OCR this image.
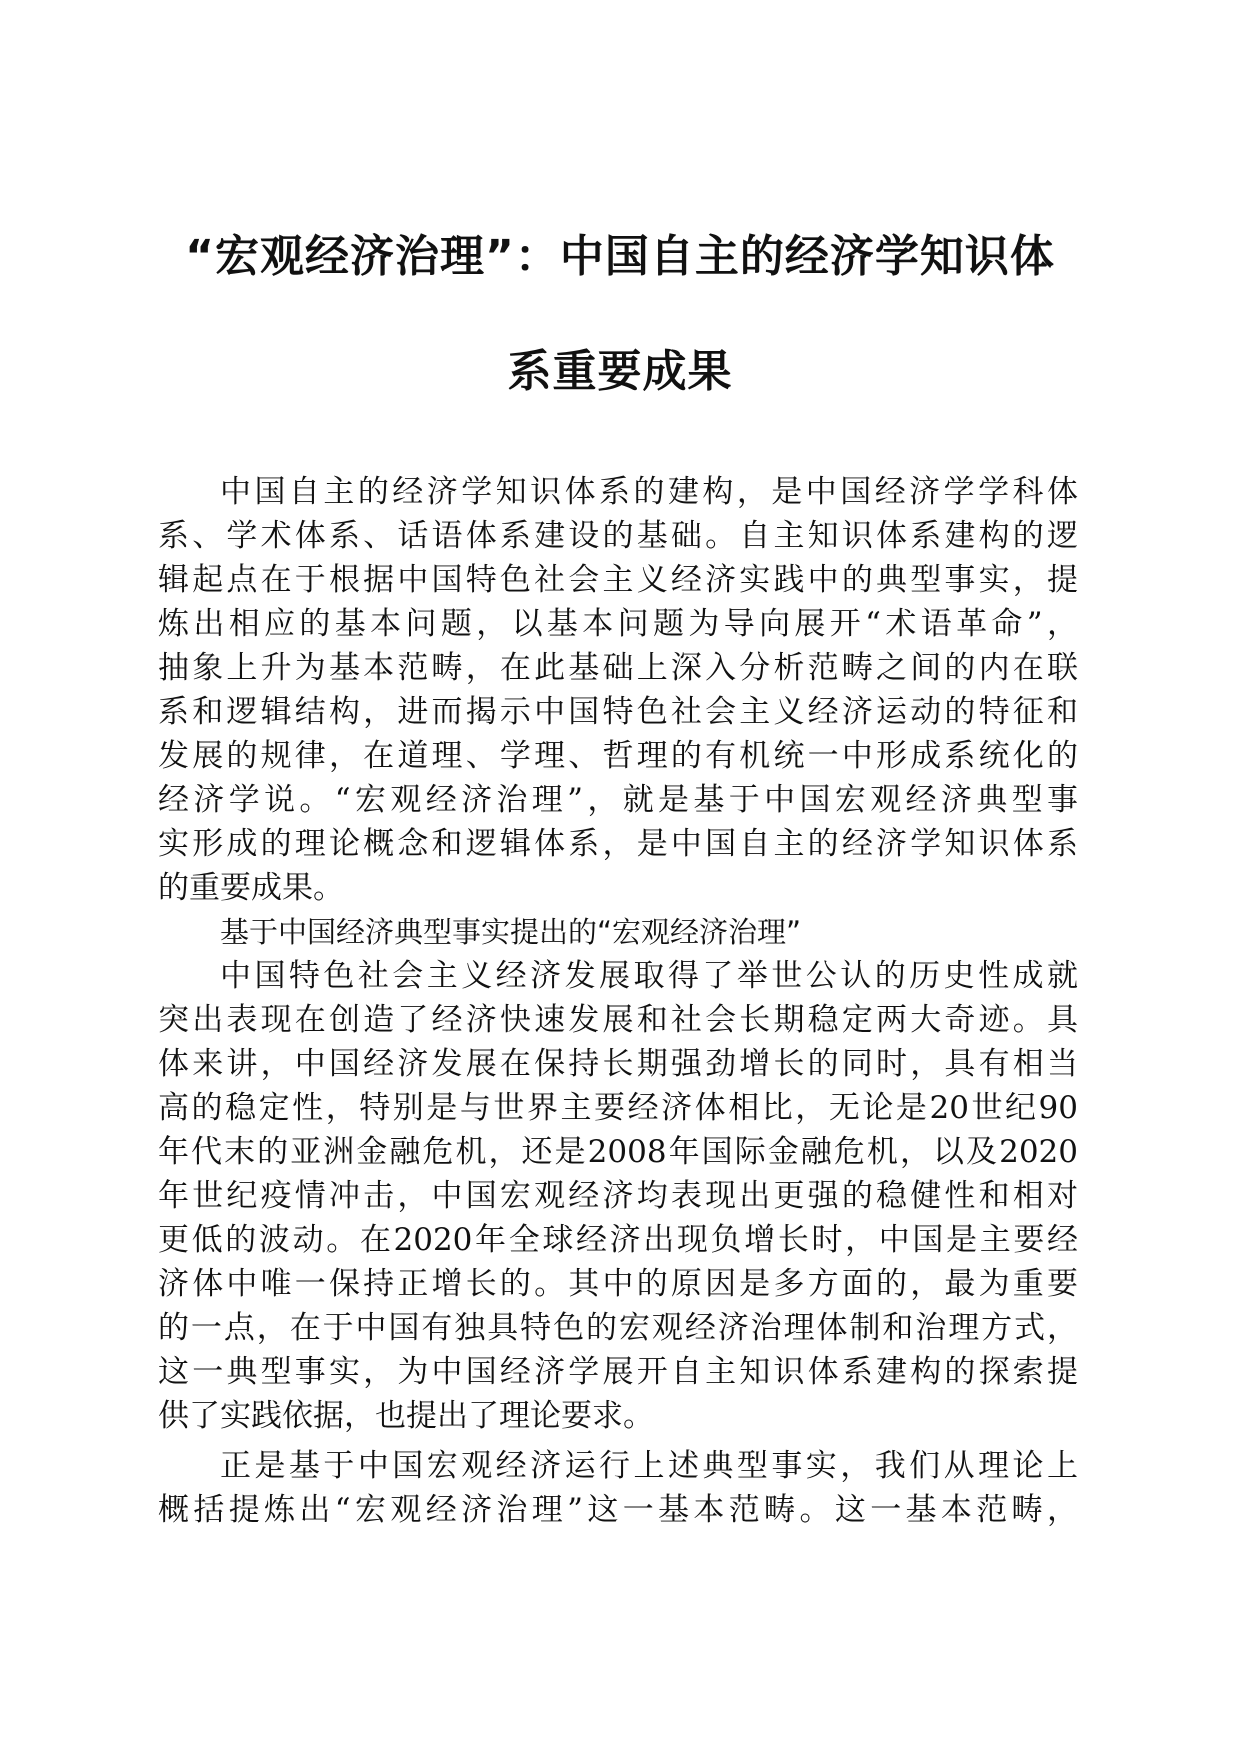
“宏观经济治理”：中国自主的经济学知识体
系重要成果
中国自主的经济学知识体系的建构，是中国经济学学科体
系、学术体系、话语体系建设的基础。自主知识体系建构的逻
辑起点在于根据中国特色社会主义经济实践中的典型事实，提
炼出相应的基本问题，以基本问题为导向展开“术语革命”，
抽象上升为基本范畴，在此基础上深入分析范畴之间的内在联
系和逻辑结构，进而揭示中国特色社会主义经济运动的特征和
发展的规律，在道理、学理、哲理的有机统一中形成系统化的
经济学说。“宏观经济治理”，就是基于中国宏观经济典型事
实形成的理论概念和逻辑体系，是中国自主的经济学知识体系
的重要成果。
基于中国经济典型事实提出的“宏观经济治理”
中国特色社会主义经济发展取得了举世公认的历史性成就
突出表现在创造了经济快速发展和社会长期稳定两大奇迹。具
体来讲，中国经济发展在保持长期强劲增长的同时，具有相当
高的稳定性，特别是与世界主要经济体相比，无论是20世纪90
年代末的亚洲金融危机，还是2008年国际金融危机，以及2020
年世纪疫情冲击，中国宏观经济均表现出更强的稳健性和相对
更低的波动。在2020年全球经济出现负增长时，中国是主要经
济体中唯一保持正增长的。其中的原因是多方面的，最为重要
的一点，在于中国有独具特色的宏观经济治理体制和治理方式，
这一典型事实，为中国经济学展开自主知识体系建构的探索提
供了实践依据，也提出了理论要求。
正是基于中国宏观经济运行上述典型事实，我们从理论上
概括提炼出“宏观经济治理”这一基本范畴。这一基本范畴，
